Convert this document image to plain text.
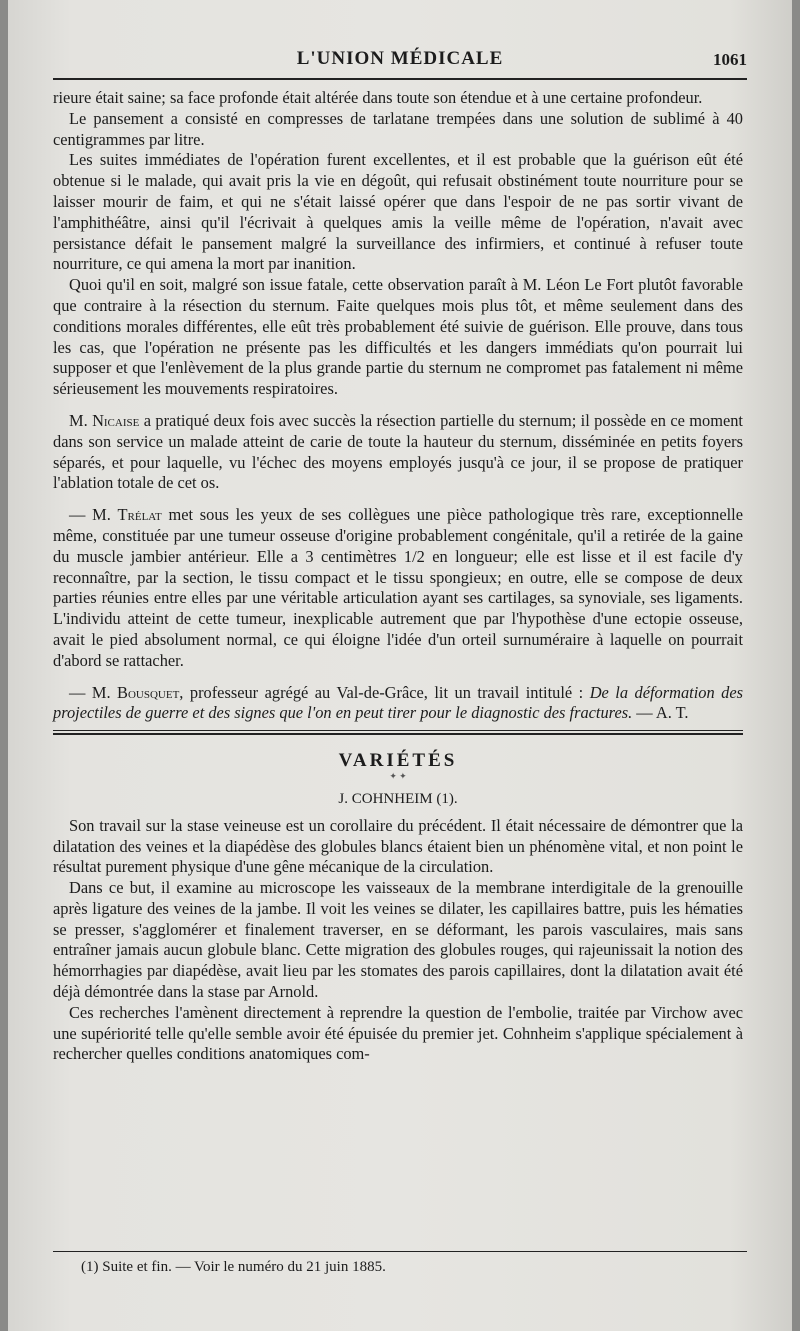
L'UNION MÉDICALE	1061

rieure était saine; sa face profonde était altérée dans toute son étendue et à une certaine profondeur.

Le pansement a consisté en compresses de tarlatane trempées dans une solution de sublimé à 40 centigrammes par litre.

Les suites immédiates de l'opération furent excellentes, et il est probable que la guérison eût été obtenue si le malade, qui avait pris la vie en dégoût, qui refusait obstinément toute nourriture pour se laisser mourir de faim, et qui ne s'était laissé opérer que dans l'espoir de ne pas sortir vivant de l'amphithéâtre, ainsi qu'il l'écrivait à quelques amis la veille même de l'opération, n'avait avec persistance défait le pansement malgré la surveillance des infirmiers, et continué à refuser toute nourriture, ce qui amena la mort par inanition.

Quoi qu'il en soit, malgré son issue fatale, cette observation paraît à M. Léon Le Fort plutôt favorable que contraire à la résection du sternum. Faite quelques mois plus tôt, et même seulement dans des conditions morales différentes, elle eût très probablement été suivie de guérison. Elle prouve, dans tous les cas, que l'opération ne présente pas les difficultés et les dangers immédiats qu'on pourrait lui supposer et que l'enlèvement de la plus grande partie du sternum ne compromet pas fatalement ni même sérieusement les mouvements respiratoires.

M. Nicaise a pratiqué deux fois avec succès la résection partielle du sternum; il possède en ce moment dans son service un malade atteint de carie de toute la hauteur du sternum, disséminée en petits foyers séparés, et pour laquelle, vu l'échec des moyens employés jusqu'à ce jour, il se propose de pratiquer l'ablation totale de cet os.

— M. Trélat met sous les yeux de ses collègues une pièce pathologique très rare, exceptionnelle même, constituée par une tumeur osseuse d'origine probablement congénitale, qu'il a retirée de la gaine du muscle jambier antérieur. Elle a 3 centimètres 1/2 en longueur; elle est lisse et il est facile d'y reconnaître, par la section, le tissu compact et le tissu spongieux; en outre, elle se compose de deux parties réunies entre elles par une véritable articulation ayant ses cartilages, sa synoviale, ses ligaments. L'individu atteint de cette tumeur, inexplicable autrement que par l'hypothèse d'une ectopie osseuse, avait le pied absolument normal, ce qui éloigne l'idée d'un orteil surnuméraire à laquelle on pourrait d'abord se rattacher.

— M. Bousquet, professeur agrégé au Val-de-Grâce, lit un travail intitulé : De la déformation des projectiles de guerre et des signes que l'on en peut tirer pour le diagnostic des fractures. — A. T.

VARIÉTÉS
✦ ✦
J. COHNHEIM (1).

Son travail sur la stase veineuse est un corollaire du précédent. Il était nécessaire de démontrer que la dilatation des veines et la diapédèse des globules blancs étaient bien un phénomène vital, et non point le résultat purement physique d'une gêne mécanique de la circulation.

Dans ce but, il examine au microscope les vaisseaux de la membrane interdigitale de la grenouille après ligature des veines de la jambe. Il voit les veines se dilater, les capillaires battre, puis les hématies se presser, s'agglomérer et finalement traverser, en se déformant, les parois vasculaires, mais sans entraîner jamais aucun globule blanc. Cette migration des globules rouges, qui rajeunissait la notion des hémorrhagies par diapédèse, avait lieu par les stomates des parois capillaires, dont la dilatation avait été déjà démontrée dans la stase par Arnold.

Ces recherches l'amènent directement à reprendre la question de l'embolie, traitée par Virchow avec une supériorité telle qu'elle semble avoir été épuisée du premier jet. Cohnheim s'applique spécialement à rechercher quelles conditions anatomiques com-

(1) Suite et fin. — Voir le numéro du 21 juin 1885.
